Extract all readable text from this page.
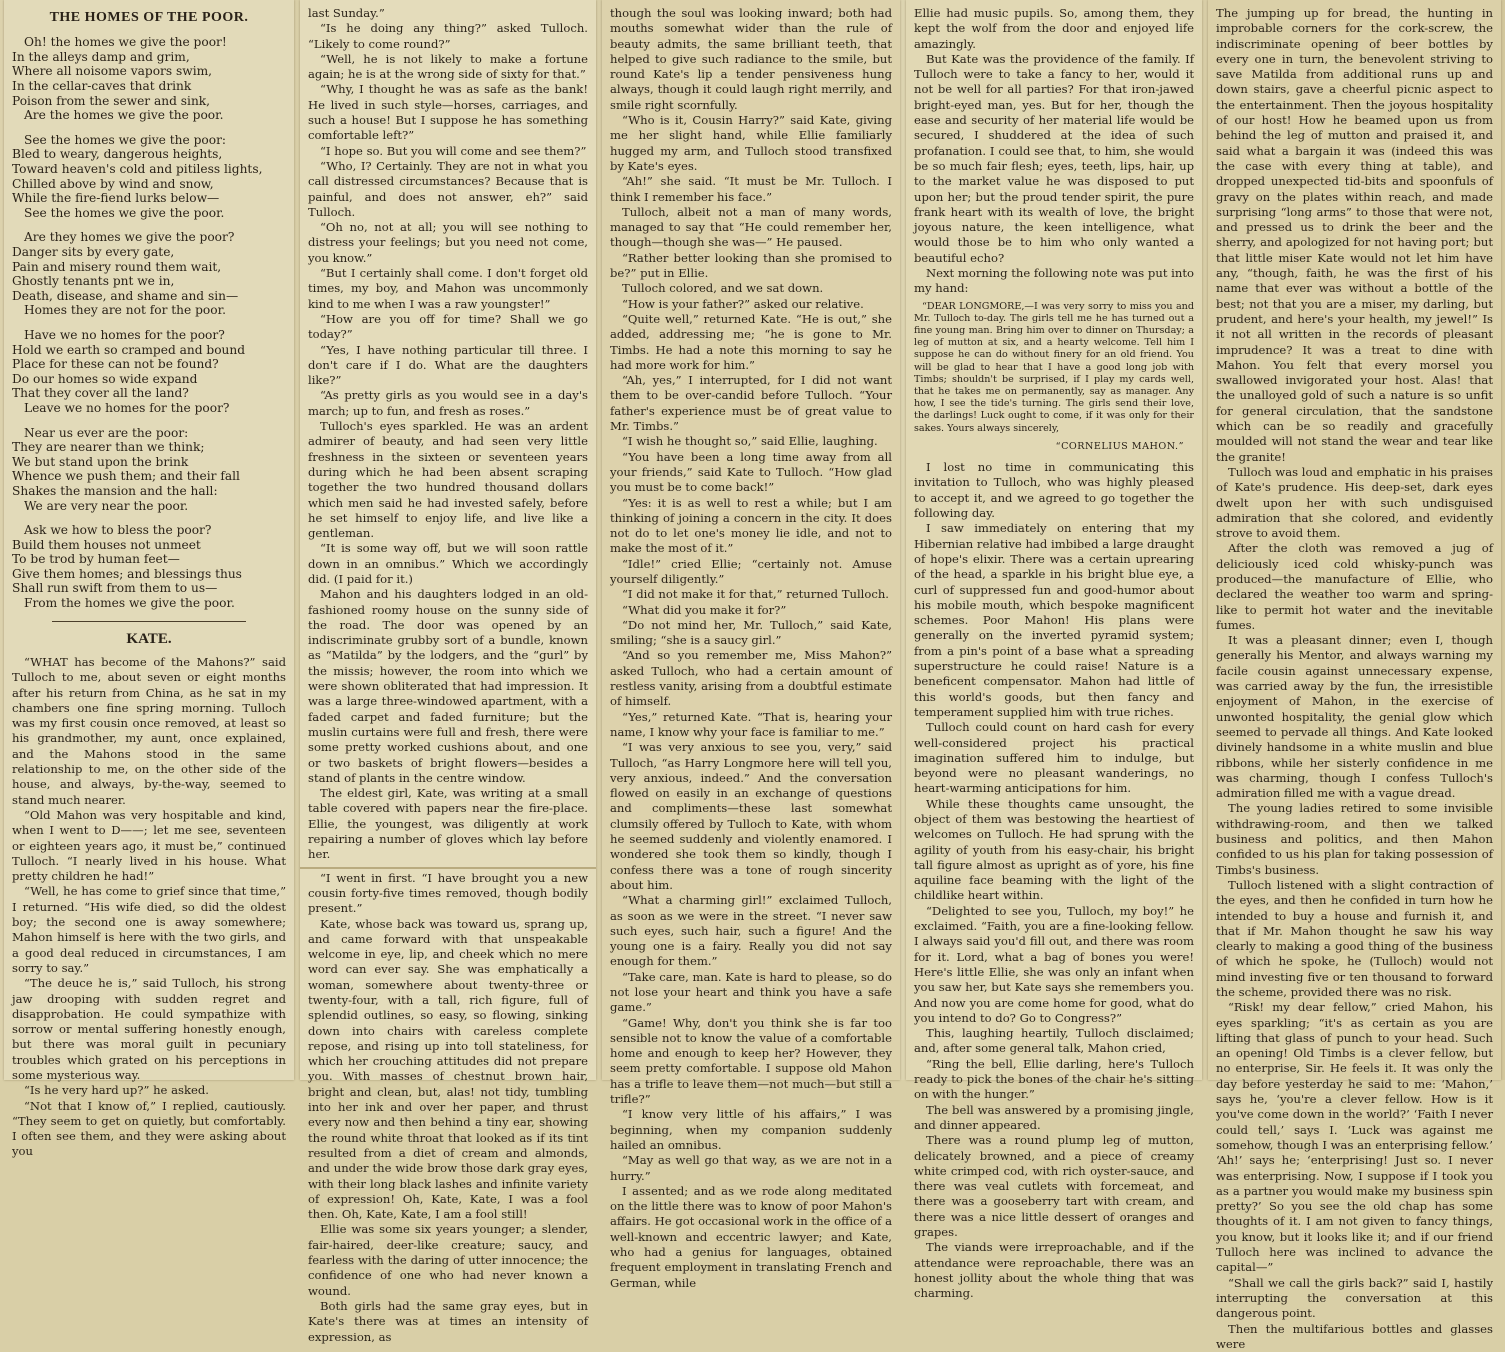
THE HOMES OF THE POOR.
Oh! the homes we give the poor!
In the alleys damp and grim,
Where all noisome vapors swim,
In the cellar-caves that drink
Poison from the sewer and sink,
Are the homes we give the poor.
See the homes we give the poor:
Bled to weary, dangerous heights,
Toward heaven's cold and pitiless lights,
Chilled above by wind and snow,
While the fire-fiend lurks below—
See the homes we give the poor.
Are they homes we give the poor?
Danger sits by every gate,
Pain and misery round them wait,
Ghostly tenants pnt we in,
Death, disease, and shame and sin—
Homes they are not for the poor.
Have we no homes for the poor?
Hold we earth so cramped and bound
Place for these can not be found?
Do our homes so wide expand
That they cover all the land?
Leave we no homes for the poor?
Near us ever are the poor:
They are nearer than we think;
We but stand upon the brink
Whence we push them; and their fall
Shakes the mansion and the hall:
We are very near the poor.
Ask we how to bless the poor?
Build them houses not unmeet
To be trod by human feet—
Give them homes; and blessings thus
Shall run swift from them to us—
From the homes we give the poor.
KATE.

“WHAT has become of the Mahons?” said Tulloch to me, about seven or eight months after his return from China, as he sat in my chambers one fine spring morning. Tulloch was my first cousin once removed, at least so his grandmother, my aunt, once explained, and the Mahons stood in the same relationship to me, on the other side of the house, and always, by-the-way, seemed to stand much nearer.

“Old Mahon was very hospitable and kind, when I went to D——; let me see, seventeen or eighteen years ago, it must be,” continued Tulloch. “I nearly lived in his house. What pretty children he had!”

“Well, he has come to grief since that time,” I returned. “His wife died, so did the oldest boy; the second one is away somewhere; Mahon himself is here with the two girls, and a good deal reduced in circumstances, I am sorry to say.”

“The deuce he is,” said Tulloch, his strong jaw drooping with sudden regret and disapprobation. He could sympathize with sorrow or mental suffering honestly enough, but there was moral guilt in pecuniary troubles which grated on his perceptions in some mysterious way.

“Is he very hard up?” he asked.

“Not that I know of,” I replied, cautiously. “They seem to get on quietly, but comfortably. I often see them, and they were asking about you

last Sunday.”

“Is he doing any thing?” asked Tulloch. “Likely to come round?”

“Well, he is not likely to make a fortune again; he is at the wrong side of sixty for that.”

“Why, I thought he was as safe as the bank! He lived in such style—horses, carriages, and such a house! But I suppose he has something comfortable left?”

“I hope so. But you will come and see them?”

“Who, I? Certainly. They are not in what you call distressed circumstances? Because that is painful, and does not answer, eh?” said Tulloch.

“Oh no, not at all; you will see nothing to distress your feelings; but you need not come, you know.”

“But I certainly shall come. I don't forget old times, my boy, and Mahon was uncommonly kind to me when I was a raw youngster!”

“How are you off for time? Shall we go today?”

“Yes, I have nothing particular till three. I don't care if I do. What are the daughters like?”

“As pretty girls as you would see in a day's march; up to fun, and fresh as roses.”

Tulloch's eyes sparkled. He was an ardent admirer of beauty, and had seen very little freshness in the sixteen or seventeen years during which he had been absent scraping together the two hundred thousand dollars which men said he had invested safely, before he set himself to enjoy life, and live like a gentleman.

“It is some way off, but we will soon rattle down in an omnibus.” Which we accordingly did. (I paid for it.)

Mahon and his daughters lodged in an old-fashioned roomy house on the sunny side of the road. The door was opened by an indiscriminate grubby sort of a bundle, known as “Matilda” by the lodgers, and the “gurl” by the missis; however, the room into which we were shown obliterated that had impression. It was a large three-windowed apartment, with a faded carpet and faded furniture; but the muslin curtains were full and fresh, there were some pretty worked cushions about, and one or two baskets of bright flowers—besides a stand of plants in the centre window.

The eldest girl, Kate, was writing at a small table covered with papers near the fire-place. Ellie, the youngest, was diligently at work repairing a number of gloves which lay before her.

“I went in first. “I have brought you a new cousin forty-five times removed, though bodily present.”

Kate, whose back was toward us, sprang up, and came forward with that unspeakable welcome in eye, lip, and cheek which no mere word can ever say. She was emphatically a woman, somewhere about twenty-three or twenty-four, with a tall, rich figure, full of splendid outlines, so easy, so flowing, sinking down into chairs with careless complete repose, and rising up into toll stateliness, for which her crouching attitudes did not prepare you. With masses of chestnut brown hair, bright and clean, but, alas! not tidy, tumbling into her ink and over her paper, and thrust every now and then behind a tiny ear, showing the round white throat that looked as if its tint resulted from a diet of cream and almonds, and under the wide brow those dark gray eyes, with their long black lashes and infinite variety of expression! Oh, Kate, Kate, I was a fool then. Oh, Kate, Kate, I am a fool still!

Ellie was some six years younger; a slender, fair-haired, deer-like creature; saucy, and fearless with the daring of utter innocence; the confidence of one who had never known a wound.

Both girls had the same gray eyes, but in Kate's there was at times an intensity of expression, as

though the soul was looking inward; both had mouths somewhat wider than the rule of beauty admits, the same brilliant teeth, that helped to give such radiance to the smile, but round Kate's lip a tender pensiveness hung always, though it could laugh right merrily, and smile right scornfully.

“Who is it, Cousin Harry?” said Kate, giving me her slight hand, while Ellie familiarly hugged my arm, and Tulloch stood transfixed by Kate's eyes.

“Ah!” she said. “It must be Mr. Tulloch. I think I remember his face.”

Tulloch, albeit not a man of many words, managed to say that “He could remember her, though—though she was—” He paused.

“Rather better looking than she promised to be?” put in Ellie.

Tulloch colored, and we sat down.

“How is your father?” asked our relative.

“Quite well,” returned Kate. “He is out,” she added, addressing me; “he is gone to Mr. Timbs. He had a note this morning to say he had more work for him.”

“Ah, yes,” I interrupted, for I did not want them to be over-candid before Tulloch. “Your father's experience must be of great value to Mr. Timbs.”

“I wish he thought so,” said Ellie, laughing.

“You have been a long time away from all your friends,” said Kate to Tulloch. “How glad you must be to come back!”

“Yes: it is as well to rest a while; but I am thinking of joining a concern in the city. It does not do to let one's money lie idle, and not to make the most of it.”

“Idle!” cried Ellie; “certainly not. Amuse yourself diligently.”

“I did not make it for that,” returned Tulloch.

“What did you make it for?”

“Do not mind her, Mr. Tulloch,” said Kate, smiling; “she is a saucy girl.”

“And so you remember me, Miss Mahon?” asked Tulloch, who had a certain amount of restless vanity, arising from a doubtful estimate of himself.

“Yes,” returned Kate. “That is, hearing your name, I know why your face is familiar to me.”

“I was very anxious to see you, very,” said Tulloch, “as Harry Longmore here will tell you, very anxious, indeed.” And the conversation flowed on easily in an exchange of questions and compliments—these last somewhat clumsily offered by Tulloch to Kate, with whom he seemed suddenly and violently enamored. I wondered she took them so kindly, though I confess there was a tone of rough sincerity about him.

“What a charming girl!” exclaimed Tulloch, as soon as we were in the street. “I never saw such eyes, such hair, such a figure! And the young one is a fairy. Really you did not say enough for them.”

“Take care, man. Kate is hard to please, so do not lose your heart and think you have a safe game.”

“Game! Why, don't you think she is far too sensible not to know the value of a comfortable home and enough to keep her? However, they seem pretty comfortable. I suppose old Mahon has a trifle to leave them—not much—but still a trifle?”

“I know very little of his affairs,” I was beginning, when my companion suddenly hailed an omnibus.

“May as well go that way, as we are not in a hurry.”

I assented; and as we rode along meditated on the little there was to know of poor Mahon's affairs. He got occasional work in the office of a well-known and eccentric lawyer; and Kate, who had a genius for languages, obtained frequent employment in translating French and German, while

Ellie had music pupils. So, among them, they kept the wolf from the door and enjoyed life amazingly.

But Kate was the providence of the family. If Tulloch were to take a fancy to her, would it not be well for all parties? For that iron-jawed bright-eyed man, yes. But for her, though the ease and security of her material life would be secured, I shuddered at the idea of such profanation. I could see that, to him, she would be so much fair flesh; eyes, teeth, lips, hair, up to the market value he was disposed to put upon her; but the proud tender spirit, the pure frank heart with its wealth of love, the bright joyous nature, the keen intelligence, what would those be to him who only wanted a beautiful echo?

Next morning the following note was put into my hand:

“DEAR LONGMORE,—I was very sorry to miss you and Mr. Tulloch to-day. The girls tell me he has turned out a fine young man. Bring him over to dinner on Thursday; a leg of mutton at six, and a hearty welcome. Tell him I suppose he can do without finery for an old friend. You will be glad to hear that I have a good long job with Timbs; shouldn't be surprised, if I play my cards well, that he takes me on permanently, say as manager. Any how, I see the tide's turning. The girls send their love, the darlings! Luck ought to come, if it was only for their sakes. Yours always sincerely,

“CORNELIUS MAHON.”

I lost no time in communicating this invitation to Tulloch, who was highly pleased to accept it, and we agreed to go together the following day.

I saw immediately on entering that my Hibernian relative had imbibed a large draught of hope's elixir. There was a certain uprearing of the head, a sparkle in his bright blue eye, a curl of suppressed fun and good-humor about his mobile mouth, which bespoke magnificent schemes. Poor Mahon! His plans were generally on the inverted pyramid system; from a pin's point of a base what a spreading superstructure he could raise! Nature is a beneficent compensator. Mahon had little of this world's goods, but then fancy and temperament supplied him with true riches.

Tulloch could count on hard cash for every well-considered project his practical imagination suffered him to indulge, but beyond were no pleasant wanderings, no heart-warming anticipations for him.

While these thoughts came unsought, the object of them was bestowing the heartiest of welcomes on Tulloch. He had sprung with the agility of youth from his easy-chair, his bright tall figure almost as upright as of yore, his fine aquiline face beaming with the light of the childlike heart within.

“Delighted to see you, Tulloch, my boy!” he exclaimed. “Faith, you are a fine-looking fellow. I always said you'd fill out, and there was room for it. Lord, what a bag of bones you were! Here's little Ellie, she was only an infant when you saw her, but Kate says she remembers you. And now you are come home for good, what do you intend to do? Go to Congress?”

This, laughing heartily, Tulloch disclaimed; and, after some general talk, Mahon cried,

“Ring the bell, Ellie darling, here's Tulloch ready to pick the bones of the chair he's sitting on with the hunger.”

The bell was answered by a promising jingle, and dinner appeared.

There was a round plump leg of mutton, delicately browned, and a piece of creamy white crimped cod, with rich oyster-sauce, and there was veal cutlets with forcemeat, and there was a gooseberry tart with cream, and there was a nice little dessert of oranges and grapes.

The viands were irreproachable, and if the attendance were reproachable, there was an honest jollity about the whole thing that was charming.

The jumping up for bread, the hunting in improbable corners for the cork-screw, the indiscriminate opening of beer bottles by every one in turn, the benevolent striving to save Matilda from additional runs up and down stairs, gave a cheerful picnic aspect to the entertainment. Then the joyous hospitality of our host! How he beamed upon us from behind the leg of mutton and praised it, and said what a bargain it was (indeed this was the case with every thing at table), and dropped unexpected tid-bits and spoonfuls of gravy on the plates within reach, and made surprising “long arms” to those that were not, and pressed us to drink the beer and the sherry, and apologized for not having port; but that little miser Kate would not let him have any, “though, faith, he was the first of his name that ever was without a bottle of the best; not that you are a miser, my darling, but prudent, and here's your health, my jewel!” Is it not all written in the records of pleasant imprudence? It was a treat to dine with Mahon. You felt that every morsel you swallowed invigorated your host. Alas! that the unalloyed gold of such a nature is so unfit for general circulation, that the sandstone which can be so readily and gracefully moulded will not stand the wear and tear like the granite!

Tulloch was loud and emphatic in his praises of Kate's prudence. His deep-set, dark eyes dwelt upon her with such undisguised admiration that she colored, and evidently strove to avoid them.

After the cloth was removed a jug of deliciously iced cold whisky-punch was produced—the manufacture of Ellie, who declared the weather too warm and spring-like to permit hot water and the inevitable fumes.

It was a pleasant dinner; even I, though generally his Mentor, and always warning my facile cousin against unnecessary expense, was carried away by the fun, the irresistible enjoyment of Mahon, in the exercise of unwonted hospitality, the genial glow which seemed to pervade all things. And Kate looked divinely handsome in a white muslin and blue ribbons, while her sisterly confidence in me was charming, though I confess Tulloch's admiration filled me with a vague dread.

The young ladies retired to some invisible withdrawing-room, and then we talked business and politics, and then Mahon confided to us his plan for taking possession of Timbs's business.

Tulloch listened with a slight contraction of the eyes, and then he confided in turn how he intended to buy a house and furnish it, and that if Mr. Mahon thought he saw his way clearly to making a good thing of the business of which he spoke, he (Tulloch) would not mind investing five or ten thousand to forward the scheme, provided there was no risk.

“Risk! my dear fellow,” cried Mahon, his eyes sparkling; “it's as certain as you are lifting that glass of punch to your head. Such an opening! Old Timbs is a clever fellow, but no enterprise, Sir. He feels it. It was only the day before yesterday he said to me: ‘Mahon,’ says he, ‘you're a clever fellow. How is it you've come down in the world?’ ‘Faith I never could tell,’ says I. ‘Luck was against me somehow, though I was an enterprising fellow.’ ‘Ah!’ says he; ‘enterprising! Just so. I never was enterprising. Now, I suppose if I took you as a partner you would make my business spin pretty?’ So you see the old chap has some thoughts of it. I am not given to fancy things, you know, but it looks like it; and if our friend Tulloch here was inclined to advance the capital—”

“Shall we call the girls back?” said I, hastily interrupting the conversation at this dangerous point.

Then the multifarious bottles and glasses were
